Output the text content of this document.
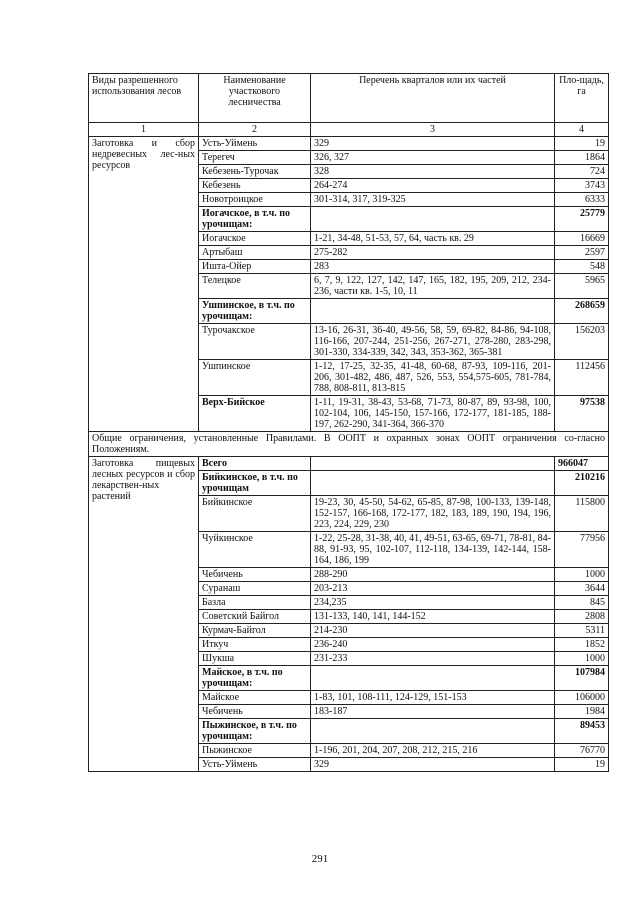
Виды разрешенного использования лесов	Наименование участкового лесничества	Перечень кварталов или их частей	Пло-щадь, га
1	2	3	4
Заготовка и сбор недревесных лес-ных ресурсов	Усть-Уймень	329	19
	Терегеч	326, 327	1864
	Кебезень-Турочак	328	724
	Кебезень	264-274	3743
	Новотроицкое	301-314, 317, 319-325	6333
	Иогачское, в т.ч. по урочищам:		25779
	Иогачское	1-21, 34-48, 51-53, 57, 64, часть кв. 29	16669
	Артыбаш	275-282	2597
	Ишта-Ойер	283	548
	Телецкое	6, 7, 9, 122, 127, 142, 147, 165, 182, 195, 209, 212, 234-236, части кв. 1-5, 10, 11	5965
	Ушпинское, в т.ч. по урочищам:		268659
	Турочакское	13-16, 26-31, 36-40, 49-56, 58, 59, 69-82, 84-86, 94-108, 116-166, 207-244, 251-256, 267-271, 278-280, 283-298, 301-330, 334-339, 342, 343, 353-362, 365-381	156203
	Ушпинское	1-12, 17-25, 32-35, 41-48, 60-68, 87-93, 109-116, 201-206, 301-482, 486, 487, 526, 553, 554,575-605, 781-784, 788, 808-811, 813-815	112456
	Верх-Бийское	1-11, 19-31, 38-43, 53-68, 71-73, 80-87, 89, 93-98, 100, 102-104, 106, 145-150, 157-166, 172-177, 181-185, 188-197, 262-290, 341-364, 366-370	97538
Общие ограничения, установленные Правилами. В ООПТ и охранных зонах ООПТ ограничения со-гласно Положениям.			
Заготовка пищевых лесных ресурсов и сбор лекарствен-ных растений	Всего		966047
	Бийкинское, в т.ч. по урочищам		210216
	Бийкинское	19-23, 30, 45-50, 54-62, 65-85, 87-98, 100-133, 139-148, 152-157, 166-168, 172-177, 182, 183, 189, 190, 194, 196, 223, 224, 229, 230	115800
	Чуйкинское	1-22, 25-28, 31-38, 40, 41, 49-51, 63-65, 69-71, 78-81, 84-88, 91-93, 95, 102-107, 112-118, 134-139, 142-144, 158-164, 186, 199	77956
	Чебичень	288-290	1000
	Суранаш	203-213	3644
	Базла	234,235	845
	Советский Байгол	131-133, 140, 141, 144-152	2808
	Курмач-Байгол	214-230	5311
	Иткуч	236-240	1852
	Шукша	231-233	1000
	Майское, в т.ч. по урочищам:		107984
	Майское	1-83, 101, 108-111, 124-129, 151-153	106000
	Чебичень	183-187	1984
	Пыжинское, в т.ч. по урочищам:		89453
	Пыжинское	1-196, 201, 204, 207, 208, 212, 215, 216	76770
	Усть-Уймень	329	19
291
